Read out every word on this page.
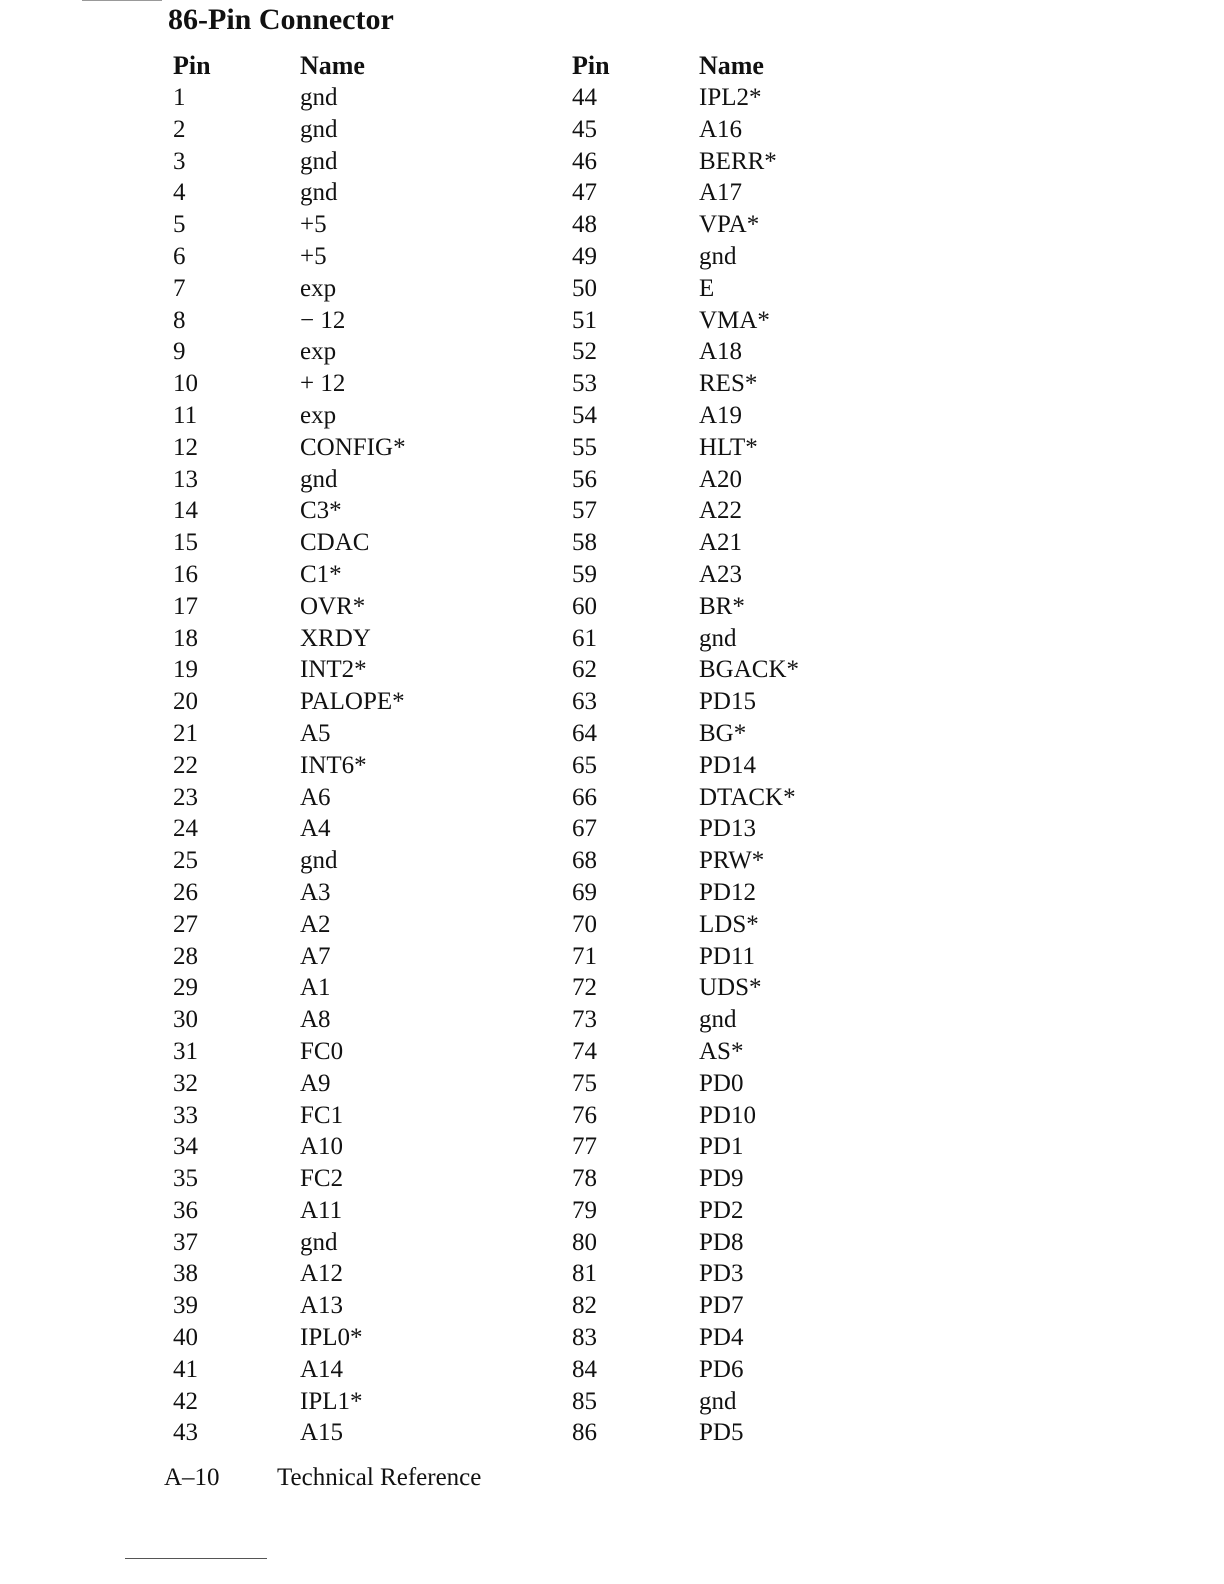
86-Pin Connector
Pin	Name
1	gnd
2	gnd
3	gnd
4	gnd
5	+5
6	+5
7	exp
8	− 12
9	exp
10	+ 12
11	exp
12	CONFIG*
13	gnd
14	C3*
15	CDAC
16	C1*
17	OVR*
18	XRDY
19	INT2*
20	PALOPE*
21	A5
22	INT6*
23	A6
24	A4
25	gnd
26	A3
27	A2
28	A7
29	A1
30	A8
31	FC0
32	A9
33	FC1
34	A10
35	FC2
36	A11
37	gnd
38	A12
39	A13
40	IPL0*
41	A14
42	IPL1*
43	A15
Pin	Name
44	IPL2*
45	A16
46	BERR*
47	A17
48	VPA*
49	gnd
50	E
51	VMA*
52	A18
53	RES*
54	A19
55	HLT*
56	A20
57	A22
58	A21
59	A23
60	BR*
61	gnd
62	BGACK*
63	PD15
64	BG*
65	PD14
66	DTACK*
67	PD13
68	PRW*
69	PD12
70	LDS*
71	PD11
72	UDS*
73	gnd
74	AS*
75	PD0
76	PD10
77	PD1
78	PD9
79	PD2
80	PD8
81	PD3
82	PD7
83	PD4
84	PD6
85	gnd
86	PD5
A–10 Technical Reference
